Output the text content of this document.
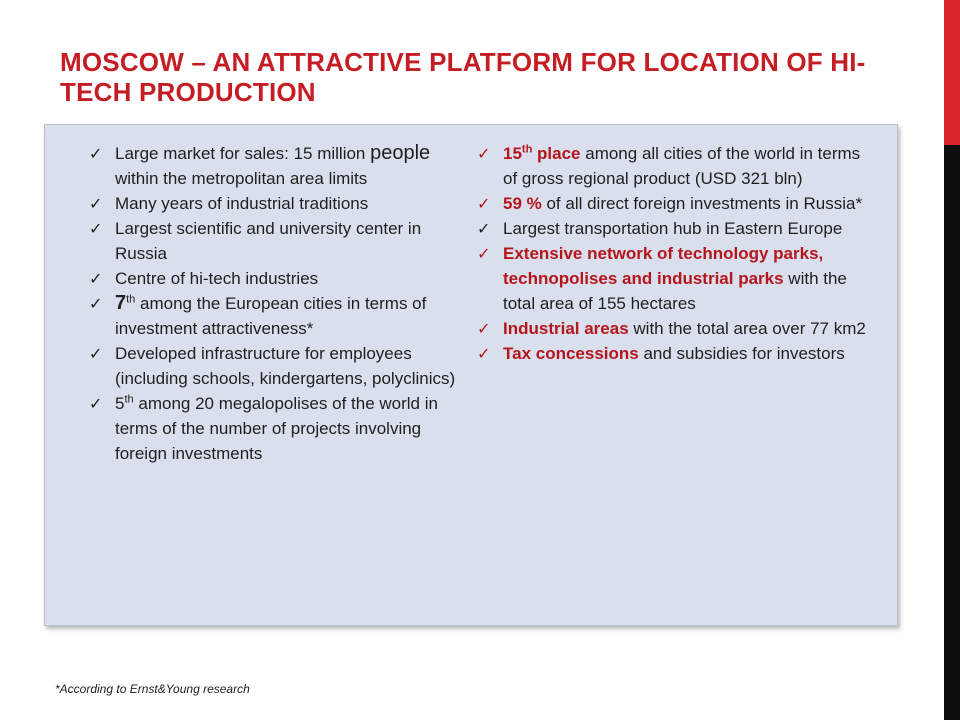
MOSCOW – AN ATTRACTIVE PLATFORM FOR LOCATION OF HI-TECH PRODUCTION
✓ Large market for sales: 15 million people within the metropolitan area limits
✓ Many years of industrial traditions
✓ Largest scientific and university center in Russia
✓ Centre of hi-tech industries
✓ 7th among the European cities in terms of investment attractiveness*
✓ Developed infrastructure for employees (including schools, kindergartens, polyclinics)
✓ 5th among 20 megalopolises of the world in terms of the number of projects involving foreign investments
✓ 15th place among all cities of the world in terms of gross regional product (USD 321 bln)
✓ 59 % of all direct foreign investments in Russia*
✓ Largest transportation hub in Eastern Europe
✓ Extensive network of technology parks, technopolises and industrial parks with the total area of 155 hectares
✓ Industrial areas with the total area over 77 km2
✓ Tax concessions and subsidies for investors
*According to Ernst&Young research
